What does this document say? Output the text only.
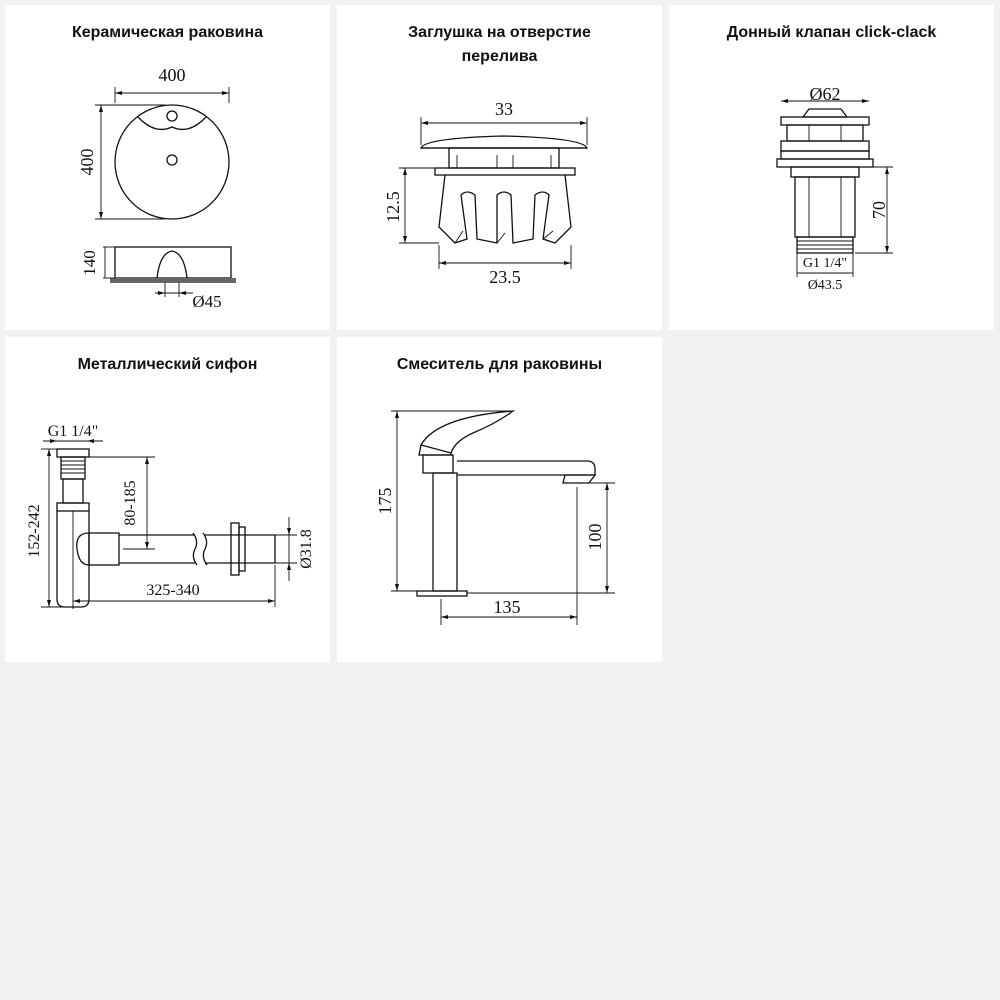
Керамическая раковина
400
400
140
Ø45
Заглушка на отверстие
перелива
33
12.5
23.5
Донный клапан click-clack
Ø62
70
G1 1/4"
Ø43.5
Металлический сифон
G1 1/4"
152-242
80-185
325-340
Ø31.8
Смеситель для раковины
175
100
135
